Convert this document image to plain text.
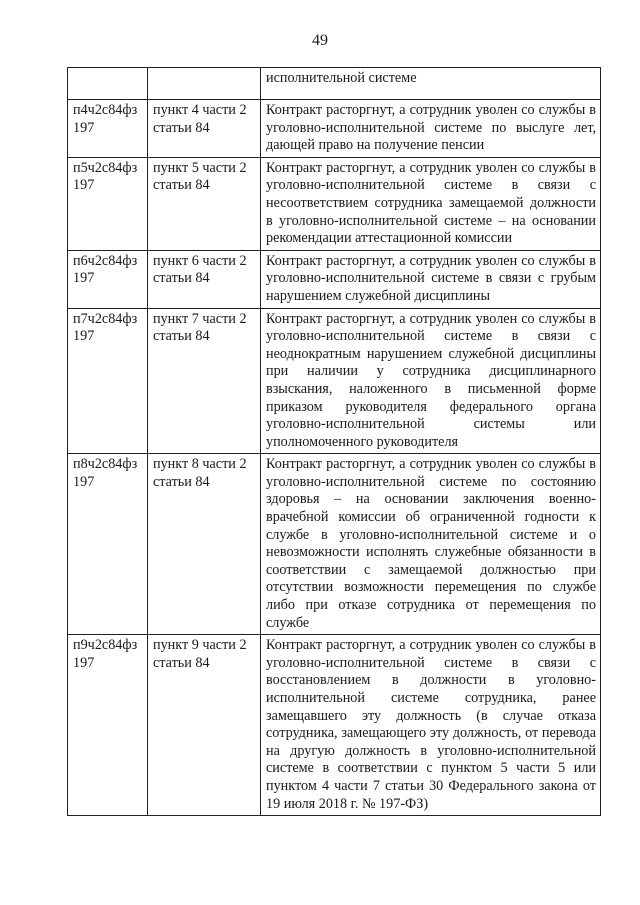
49
		исполнительной системе
п4ч2с84фз 197	пункт 4 части 2 статьи 84	Контракт расторгнут, а сотрудник уволен со службы в уголовно-исполнительной системе по выслуге лет, дающей право на получение пенсии
п5ч2с84фз 197	пункт 5 части 2 статьи 84	Контракт расторгнут, а сотрудник уволен со службы в уголовно-исполнительной системе в связи с несоответствием сотрудника замещаемой должности в уголовно-исполнительной системе – на основании рекомендации аттестационной комиссии
п6ч2с84фз 197	пункт 6 части 2 статьи 84	Контракт расторгнут, а сотрудник уволен со службы в уголовно-исполнительной системе в связи с грубым нарушением служебной дисциплины
п7ч2с84фз 197	пункт 7 части 2 статьи 84	Контракт расторгнут, а сотрудник уволен со службы в уголовно-исполнительной системе в связи с неоднократным нарушением служебной дисциплины при наличии у сотрудника дисциплинарного взыскания, наложенного в письменной форме приказом руководителя федерального органа уголовно-исполнительной системы или уполномоченного руководителя
п8ч2с84фз 197	пункт 8 части 2 статьи 84	Контракт расторгнут, а сотрудник уволен со службы в уголовно-исполнительной системе по состоянию здоровья – на основании заключения военно-врачебной комиссии об ограниченной годности к службе в уголовно-исполнительной системе и о невозможности исполнять служебные обязанности в соответствии с замещаемой должностью при отсутствии возможности перемещения по службе либо при отказе сотрудника от перемещения по службе
п9ч2с84фз 197	пункт 9 части 2 статьи 84	Контракт расторгнут, а сотрудник уволен со службы в уголовно-исполнительной системе в связи с восстановлением в должности в уголовно-исполнительной системе сотрудника, ранее замещавшего эту должность (в случае отказа сотрудника, замещающего эту должность, от перевода на другую должность в уголовно-исполнительной системе в соответствии с пунктом 5 части 5 или пунктом 4 части 7 статьи 30 Федерального закона от 19 июля 2018 г. № 197-ФЗ)
